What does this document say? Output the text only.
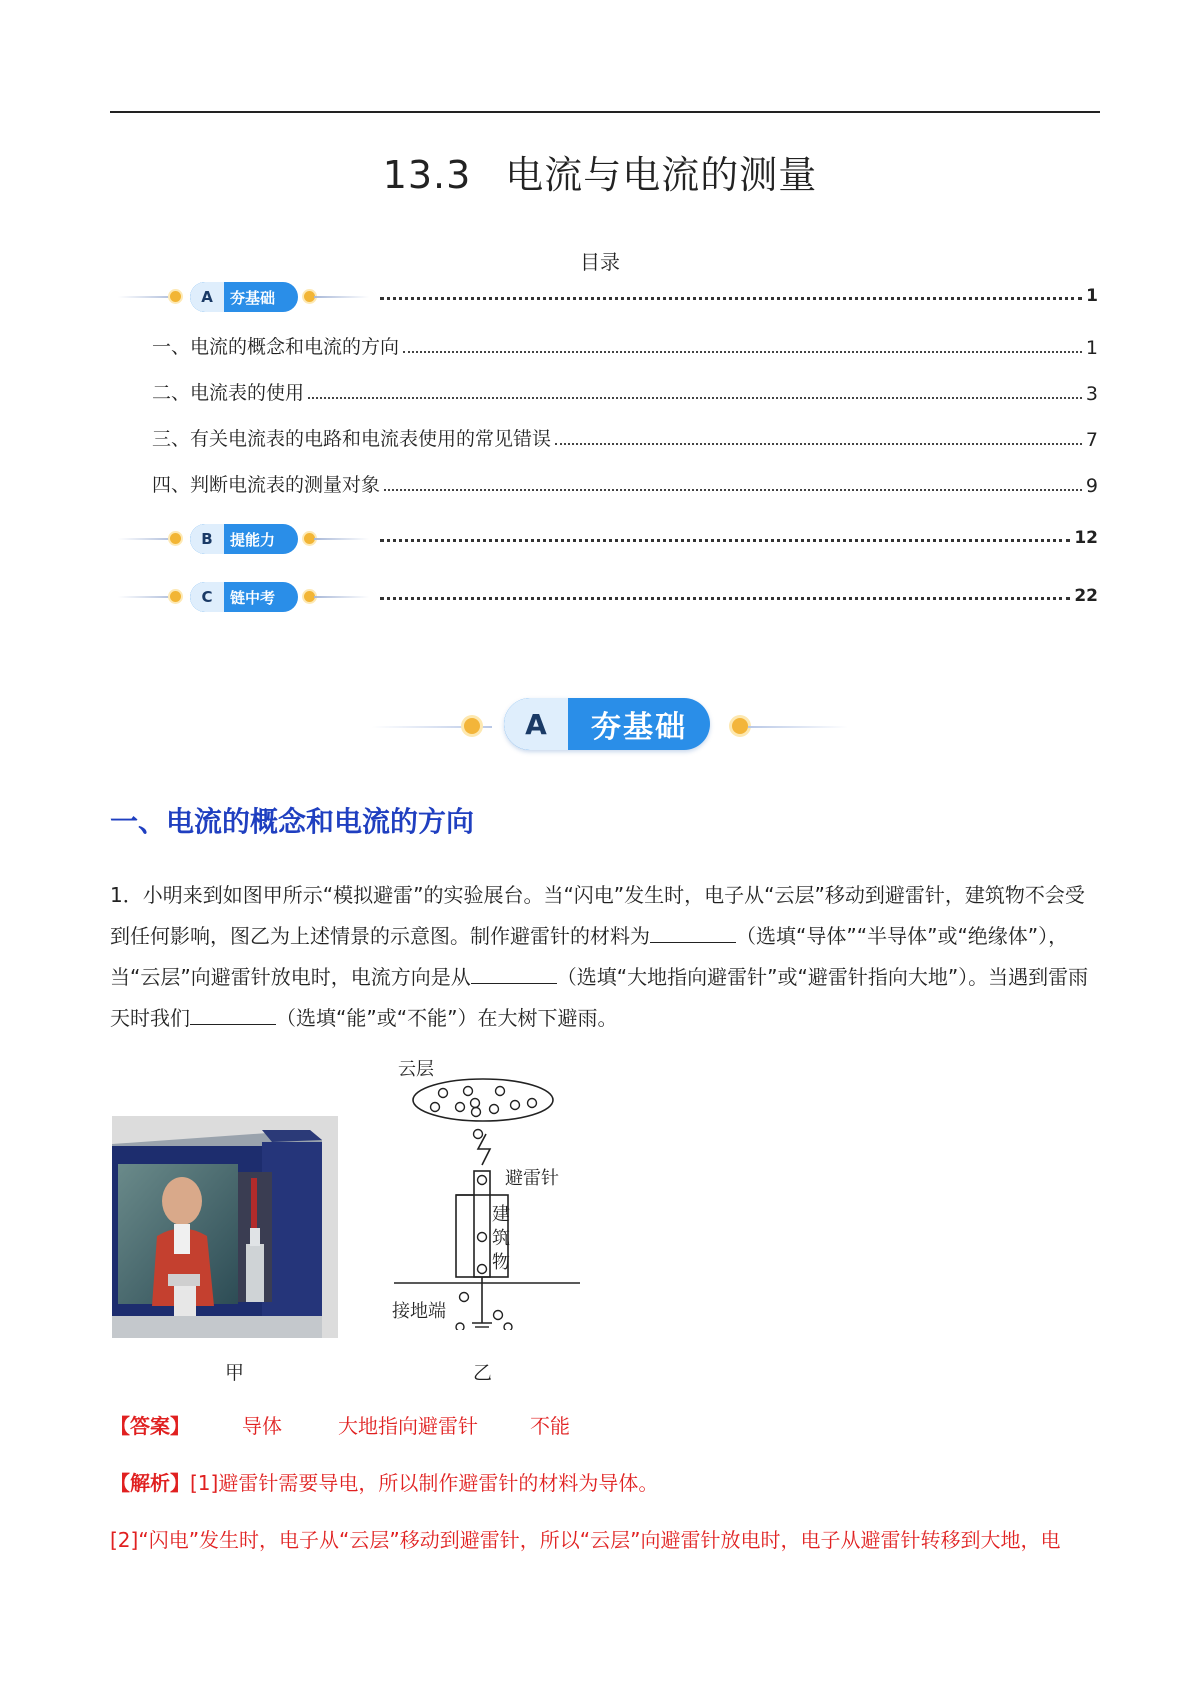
13.3 电流与电流的测量
目录
A	夯基础	1
一、电流的概念和电流的方向	1
二、电流表的使用	3
三、有关电流表的电路和电流表使用的常见错误	7
四、判断电流表的测量对象	9
B	提能力	12
C	链中考	22
A	夯基础
一、电流的概念和电流的方向
1．小明来到如图甲所示“模拟避雷”的实验展台。当“闪电”发生时，电子从“云层”移动到避雷针，建筑物不会受到任何影响，图乙为上述情景的示意图。制作避雷针的材料为	（选填“导体”“半导体”或“绝缘体”），当“云层”向避雷针放电时，电流方向是从	（选填“大地指向避雷针”或“避雷针指向大地”）。当遇到雷雨天时我们	（选填“能”或“不能”）在大树下避雨。
甲
云层
避雷针
建
筑
物
接地端
乙
【答案】	导体	大地指向避雷针	不能
【解析】[1]避雷针需要导电，所以制作避雷针的材料为导体。
[2]“闪电”发生时，电子从“云层”移动到避雷针，所以“云层”向避雷针放电时，电子从避雷针转移到大地，电
